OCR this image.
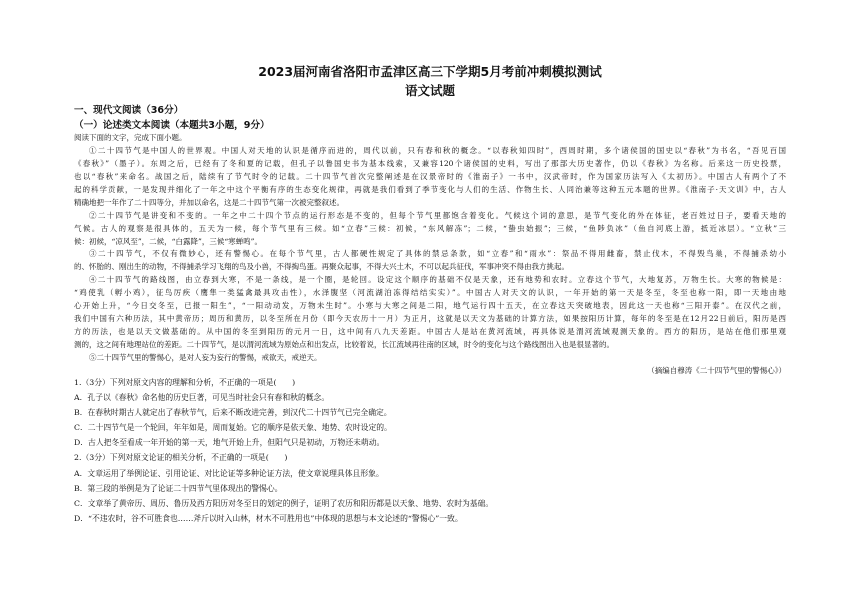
2023届河南省洛阳市孟津区高三下学期5月考前冲刺模拟测试
语文试题
一、现代文阅读（36分）
（一）论述类文本阅读（本题共3小题，9分）
阅读下面的文字，完成下面小题。
①二十四节气是中国人的世界观。中国人对天地的认识是循序而进的，周代以前，只有春和秋的概念。“以春秋知四时”，西周时期，多个诸侯国的国史以“春秋”为书名，“吾见百国
《春秋》”（墨子）。东周之后，已经有了冬和夏的记载，但孔子以鲁国史书为基本线索，又兼容120个诸侯国的史料，写出了那部大历史著作，仍以《春秋》为名称。后来这一历史投票，
也以“春秋”来命名。战国之后，陆续有了节气时令的记载。二十四节气首次完整阐述是在汉景帝时的《淮南子》一书中，汉武帝时，作为国家历法写入《太初历》。中国古人有两个了不
起的科学贡献，一是发现并细化了一年之中这个平衡有序的生态变化规律，再就是我们看到了季节变化与人们的生活、作物生长、人同治兼等这种五元本题的世界。《淮南子·天文训》中，古人
精确地把一年作了二十四等分，并加以命名，这是二十四节气第一次被完整叙述。
②二十四节气是讲变和不变的。一年之中二十四个节点的运行形态是不变的，但每个节气里都饱含着变化。气候这个词的意思，是节气变化的外在体征，老百姓过日子，要看天地的
气候。古人的观察是很具体的，五天为一候，每个节气里有三候。如“立春”三候：初候，“东风解冻”；二候，“蛰虫始振”；三候，“鱼陟负冰”（鱼自河底上游，抵近冰层）。“立秋”三
候：初候，“凉风至”，二候，“白露降”，三候“寒蝉鸣”。
③二十四节气，不仅有微妙心，还有警惕心。在每个节气里，古人都硬性规定了具体的禁忌条款，如“立春”和“雨水”：祭品不得用雌畜，禁止伐木，不得毁鸟巢，不得捕杀幼小
的、怀胎的、刚出生的动物，不得捕杀学习飞翔的鸟及小兽，不得掏鸟蛋。再聚众起事，不得大兴土木，不可以起兵征伐，军事冲突不得由我方挑起。
④二十四节气的路线图，由立春到大寒，不是一条线，是一个圈，是轮回。设定这个顺序的基础不仅是天象，还有地势和农时。立春这个节气，大地复苏，万物生长。大寒的物候是：
“鸡使乳（孵小鸡），征鸟厉疾（鹰隼一类猛禽最具攻击性），水泽腹坚（河流湖泊冻得结结实实）”。中国古人对天文的认识，一年开始的第一天是冬至，冬至也称一阳，即一天地由地
心开始上升，“今日交冬至，已报一阳生”，“一阳动动发，万物未生时”。小寒与大寒之间是二阳，地气运行四十五天，在立春这天突破地表，因此这一天也称“三阳开泰”。在汉代之前，
我们中国有六种历法，其中黄帝历；周历和黄历，以冬至所在月份（即今天农历十一月）为正月，这就是以天文为基础的计算方法，如果按阳历计算，每年的冬至是在12月22日前后，阳历是西
方的历法，也是以天文做基础的。从中国的冬至到阳历的元月一日，这中间有八九天差距。中国古人是站在黄河流域，再具体说是渭河流域观测天象的。西方的阳历，是站在他们那里观
测的，这之间有地理站位的差距。二十四节气，是以渭河流域为原始点和出发点，比较着说，长江流域再往南的区域，时令的变化与这个路线图出入也是很显著的。
⑤二十四节气里的警惕心，是对人妄为妄行的警惕，戒欲天，戒逆天。
（摘编自穆涛《二十四节气里的警惕心》）
1.（3分）下列对原文内容的理解和分析，不正确的一项是(　　)
A．孔子以《春秋》命名他的历史巨著，可见当时社会只有春和秋的概念。
B．在春秋时期古人就定出了春秋节气，后来不断改进完善，到汉代二十四节气已完全确定。
C．二十四节气是一个轮回，年年如是，周而复始。它的顺序是依天象、地势、农时设定的。
D．古人把冬至看成一年开始的第一天，地气开始上升，但阳气只是初动，万物还未萌动。
2.（3分）下列对原文论证的相关分析，不正确的一项是(　　)
A．文章运用了举例论证、引用论证、对比论证等多种论证方法，使文章说理具体且形象。
B．第三段的举例是为了论证二十四节气里体现出的警惕心。
C．文章举了黄帝历、周历、鲁历及西方阳历对冬至日的划定的例子，证明了农历和阳历都是以天象、地势、农时为基础。
D．“不违农时，谷不可胜食也……斧斤以时入山林，材木不可胜用也”中体现的思想与本文论述的“警惕心”一致。
